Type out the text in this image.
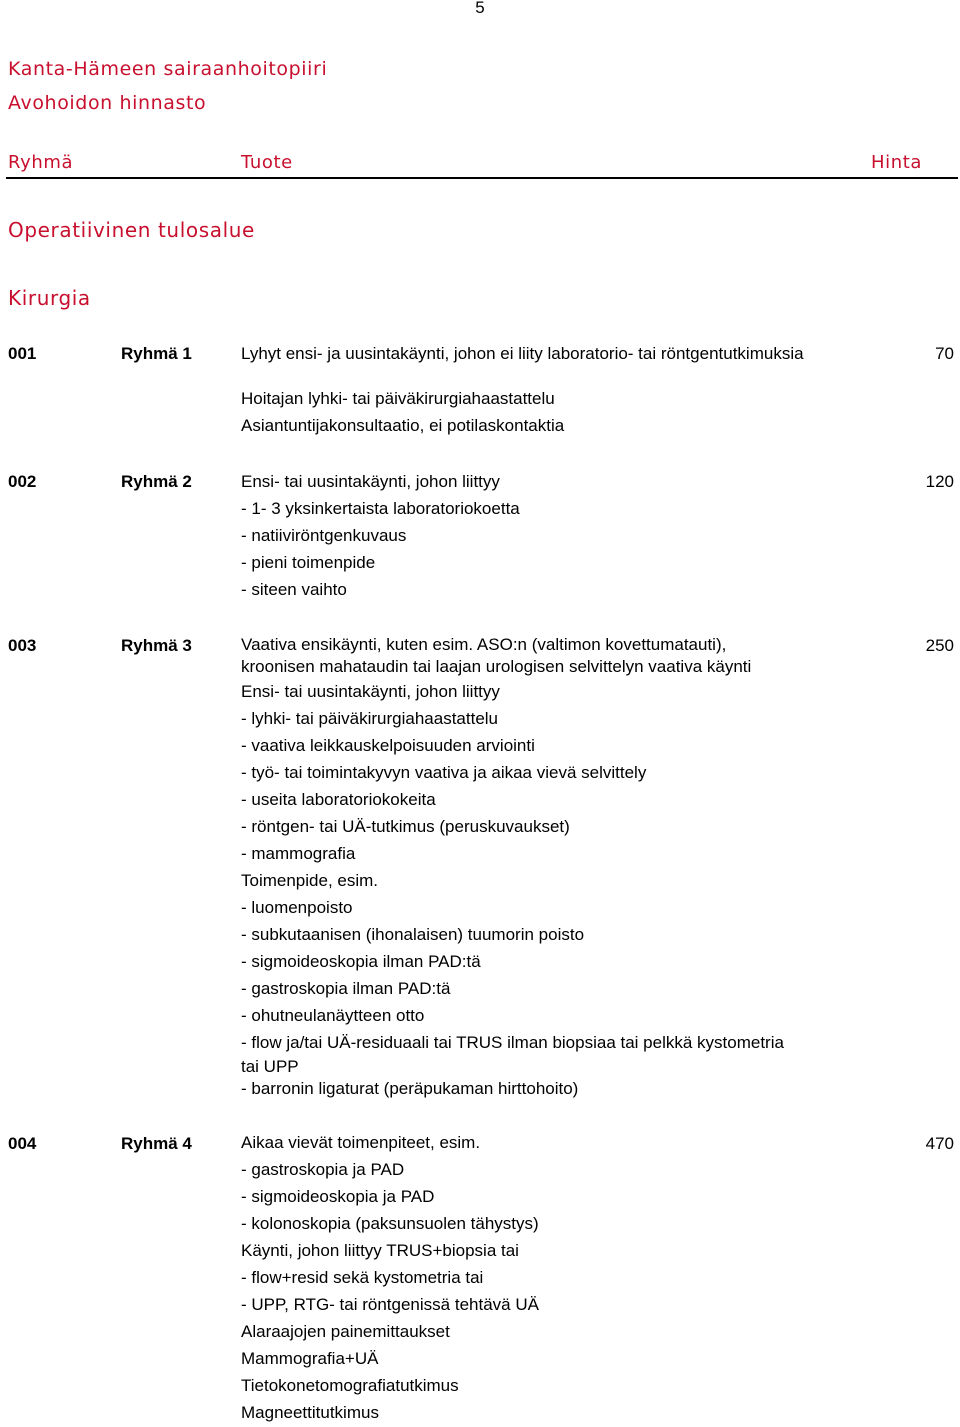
5
Kanta-Hämeen sairaanhoitopiiri
Avohoidon hinnasto
Ryhmä	Tuote	Hinta
Operatiivinen tulosalue
Kirurgia
001	Ryhmä 1	Lyhyt ensi- ja uusintakäynti, johon ei liity laboratorio- tai röntgentutkimuksia
Hoitajan lyhki- tai päiväkirurgiahaastattelu
Asiantuntijakonsultaatio, ei potilaskontaktia
70
002	Ryhmä 2	Ensi- tai uusintakäynti, johon liittyy
- 1- 3 yksinkertaista laboratoriokoetta
- natiiviröntgenkuvaus
- pieni toimenpide
- siteen vaihto
120
003	Ryhmä 3	Vaativa ensikäynti, kuten esim. ASO:n (valtimon kovettumatauti),
kroonisen mahataudin tai laajan urologisen selvittelyn vaativa käynti
Ensi- tai uusintakäynti, johon liittyy
- lyhki- tai päiväkirurgiahaastattelu
- vaativa leikkauskelpoisuuden arviointi
- työ- tai toimintakyvyn vaativa ja aikaa vievä selvittely
- useita laboratoriokokeita
- röntgen- tai UÄ-tutkimus (peruskuvaukset)
- mammografia
Toimenpide, esim.
- luomenpoisto
- subkutaanisen (ihonalaisen) tuumorin poisto
- sigmoideoskopia ilman PAD:tä
- gastroskopia ilman PAD:tä
- ohutneulanäytteen otto
- flow ja/tai UÄ-residuaali tai TRUS ilman biopsiaa tai pelkkä kystometria
tai UPP
- barronin ligaturat (peräpukaman hirttohoito)
250
004	Ryhmä 4	Aikaa vievät toimenpiteet, esim.
- gastroskopia ja PAD
- sigmoideoskopia ja PAD
- kolonoskopia (paksunsuolen tähystys)
Käynti, johon liittyy TRUS+biopsia tai
- flow+resid sekä kystometria tai
- UPP, RTG- tai röntgenissä tehtävä UÄ
Alaraajojen painemittaukset
Mammografia+UÄ
Tietokonetomografiatutkimus
Magneettitutkimus
470
